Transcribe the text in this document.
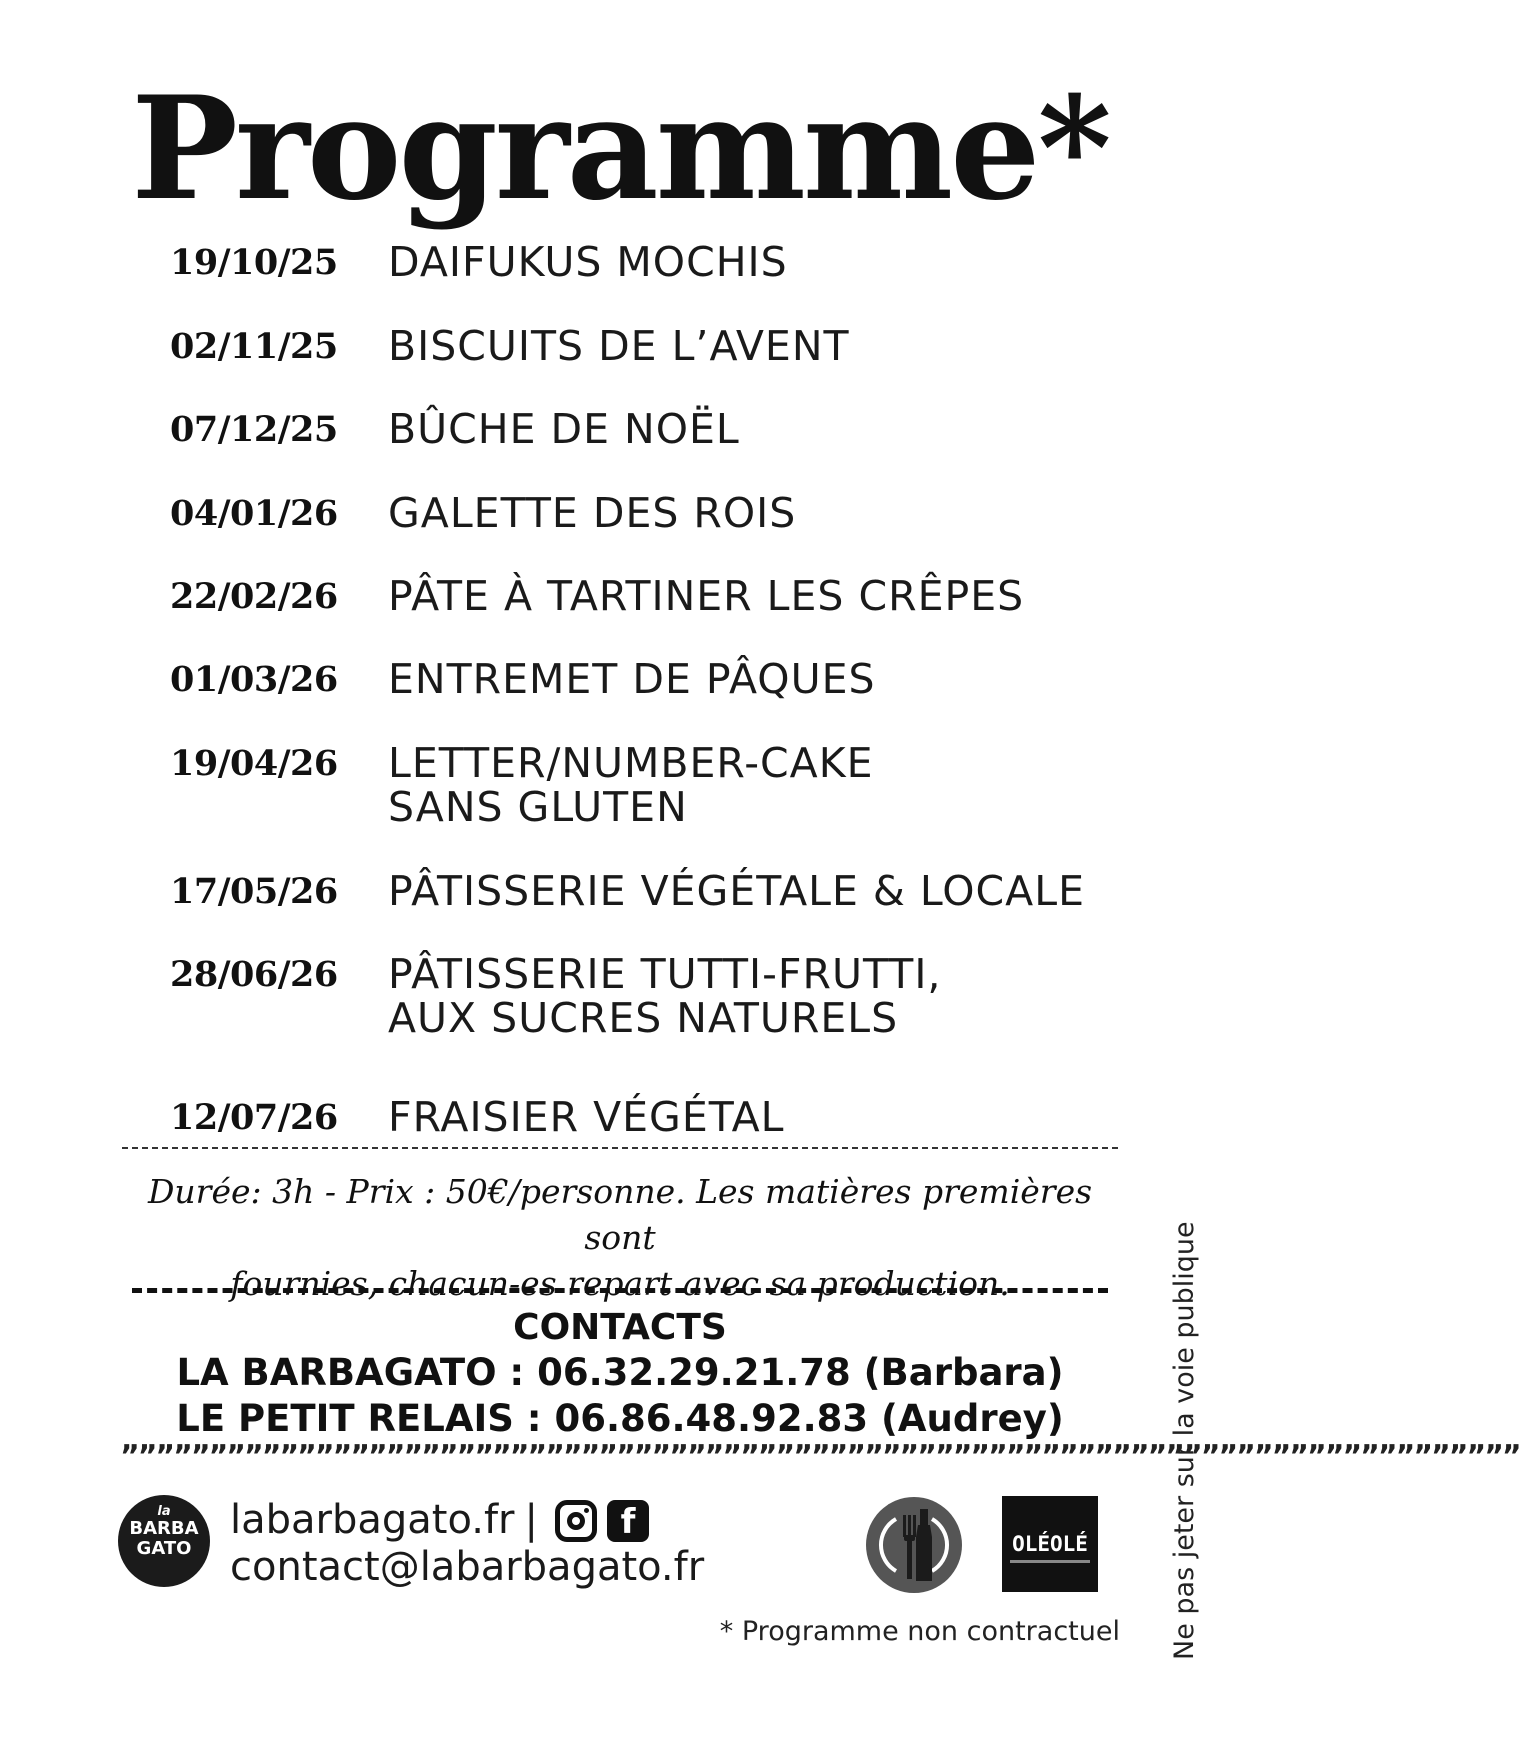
Programme*
19/10/25	DAIFUKUS MOCHIS
02/11/25	BISCUITS DE L’AVENT
07/12/25	BÛCHE DE NOËL
04/01/26	GALETTE DES ROIS
22/02/26	PÂTE À TARTINER LES CRÊPES
01/03/26	ENTREMET DE PÂQUES
19/04/26	LETTER/NUMBER-CAKE
SANS GLUTEN
17/05/26	PÂTISSERIE VÉGÉTALE & LOCALE
28/06/26	PÂTISSERIE TUTTI-FRUTTI,
AUX SUCRES NATURELS
12/07/26	FRAISIER VÉGÉTAL
Durée: 3h - Prix : 50€/personne. Les matières premières sont
fournies, chacun-es repart avec sa production.
CONTACTS
LA BARBAGATO : 06.32.29.21.78 (Barbara)
LE PETIT RELAIS : 06.86.48.92.83 (Audrey)
”””””””””””””””””””””””””””””””””””””””””””””””””””””””””””””””””””””””””””””””
la
BARBA
GATO
labarbagato.fr |	f
contact@labarbagato.fr	OLÉOLÉ
* Programme non contractuel Ne pas jeter sur la voie publique
